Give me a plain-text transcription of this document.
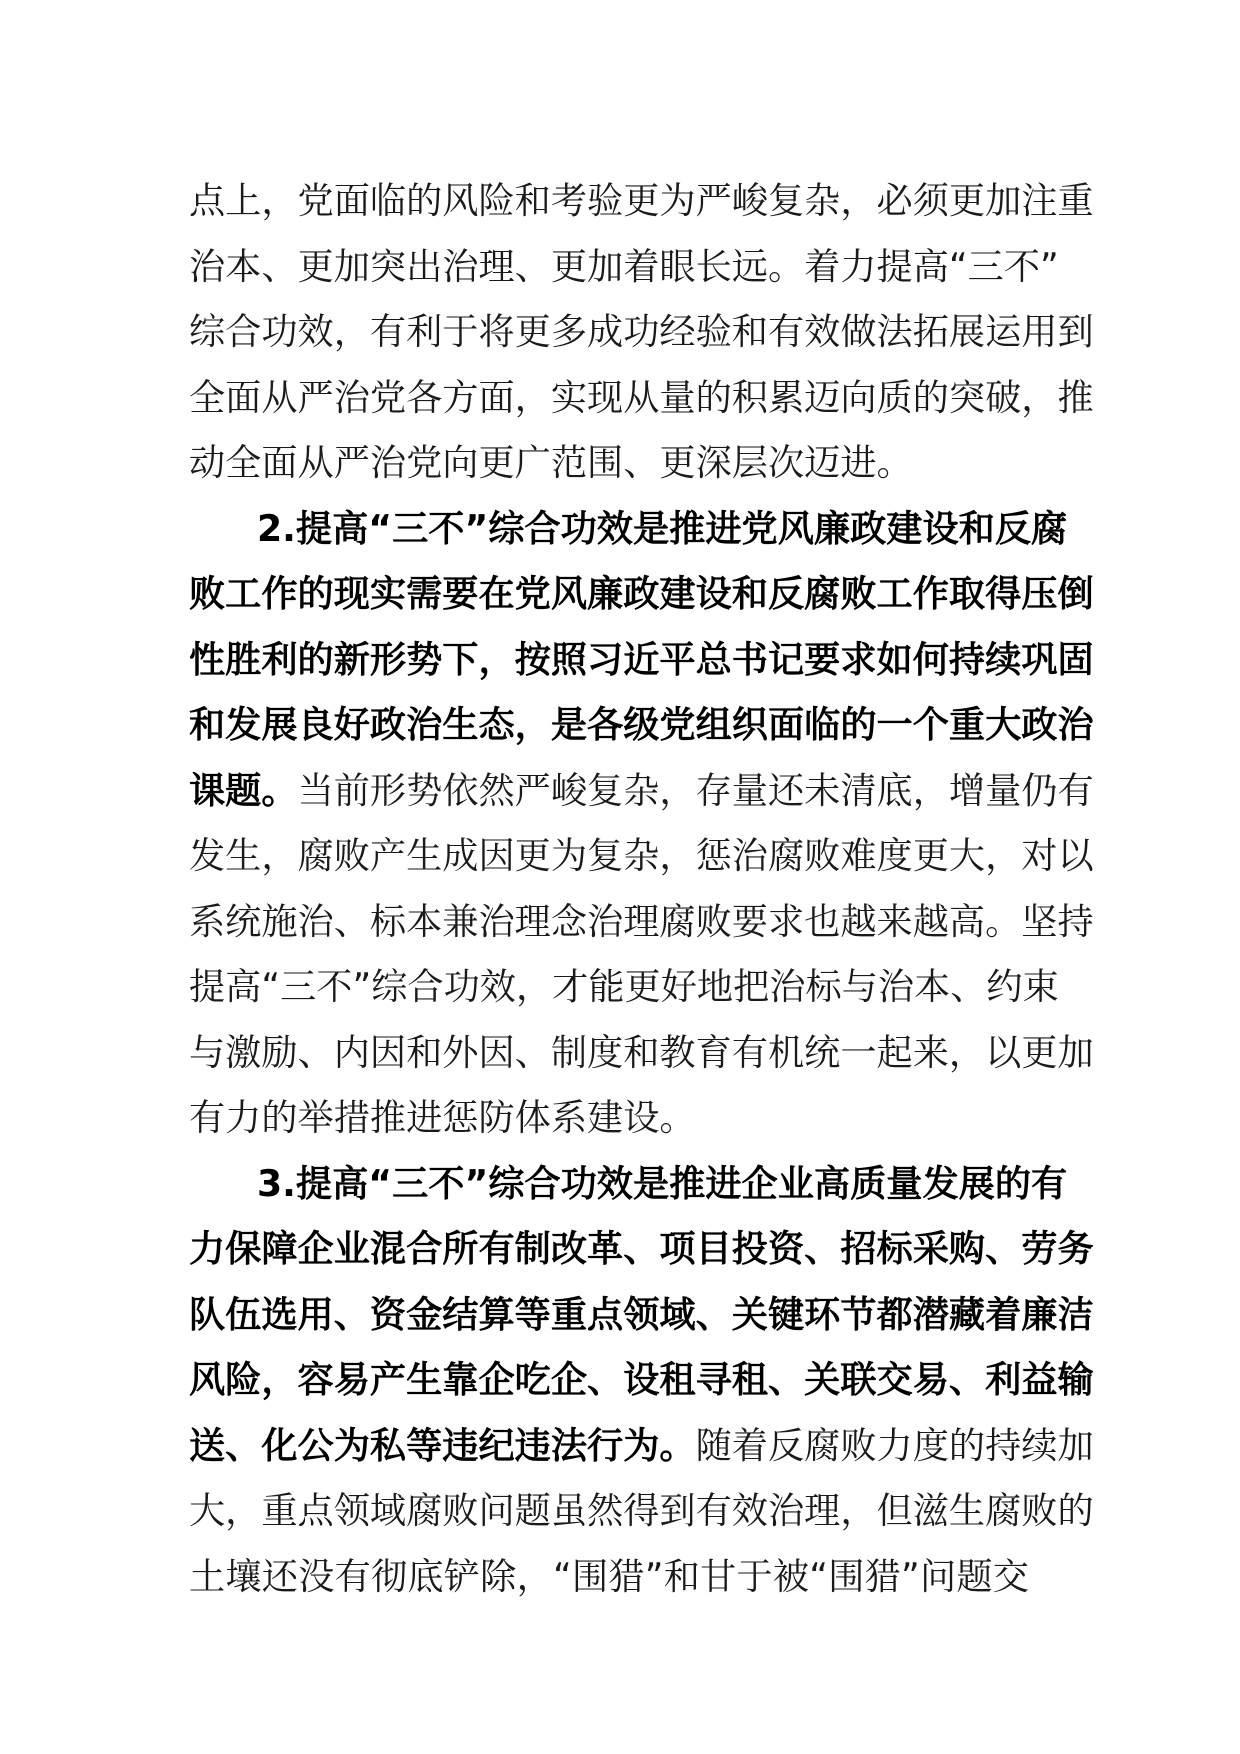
点上，党面临的风险和考验更为严峻复杂，必须更加注重
治本、更加突出治理、更加着眼长远。着力提高“三不”
综合功效，有利于将更多成功经验和有效做法拓展运用到
全面从严治党各方面，实现从量的积累迈向质的突破，推
动全面从严治党向更广范围、更深层次迈进。
2.提高“三不”综合功效是推进党风廉政建设和反腐
败工作的现实需要在党风廉政建设和反腐败工作取得压倒
性胜利的新形势下，按照习近平总书记要求如何持续巩固
和发展良好政治生态，是各级党组织面临的一个重大政治
课题。当前形势依然严峻复杂，存量还未清底，增量仍有
发生，腐败产生成因更为复杂，惩治腐败难度更大，对以
系统施治、标本兼治理念治理腐败要求也越来越高。坚持
提高“三不”综合功效，才能更好地把治标与治本、约束
与激励、内因和外因、制度和教育有机统一起来，以更加
有力的举措推进惩防体系建设。
3.提高“三不”综合功效是推进企业高质量发展的有
力保障企业混合所有制改革、项目投资、招标采购、劳务
队伍选用、资金结算等重点领域、关键环节都潜藏着廉洁
风险，容易产生靠企吃企、设租寻租、关联交易、利益输
送、化公为私等违纪违法行为。随着反腐败力度的持续加
大，重点领域腐败问题虽然得到有效治理，但滋生腐败的
土壤还没有彻底铲除，“围猎”和甘于被“围猎”问题交
